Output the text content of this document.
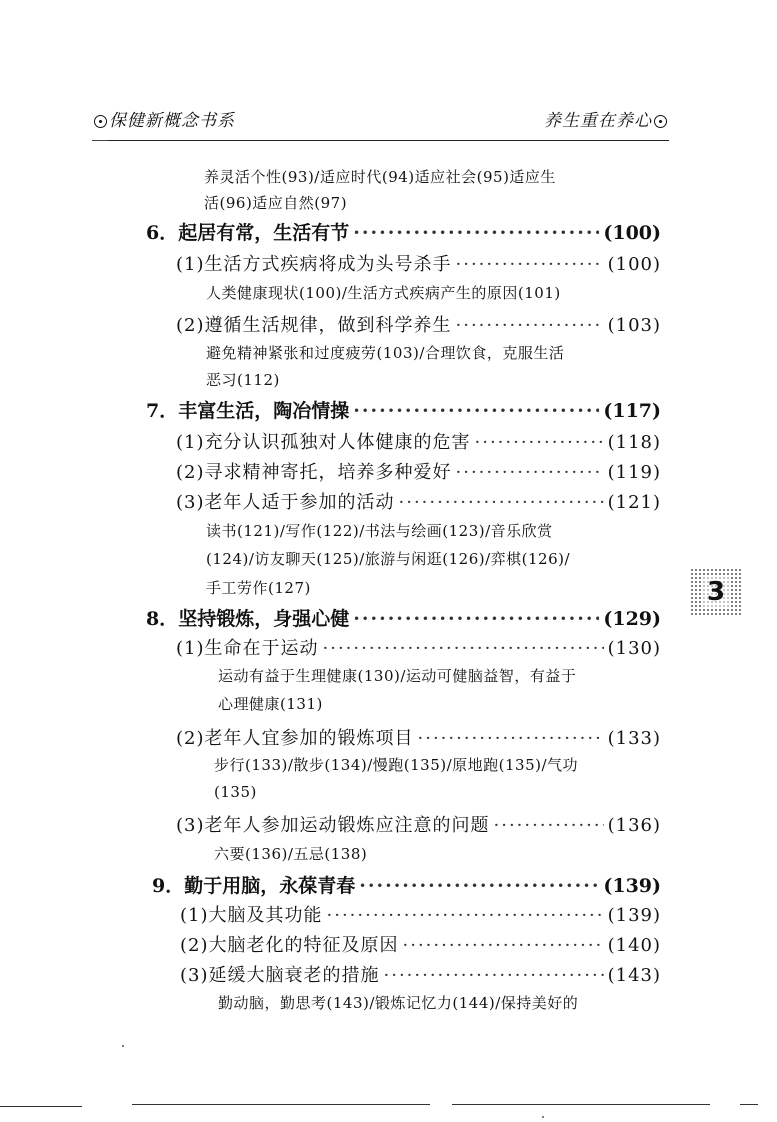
保健新概念书系	养生重在养心
养灵活个性(93)/适应时代(94)适应社会(95)适应生
活(96)适应自然(97)
6．起居有常，生活有节 ·····	(100)
(1)生活方式疾病将成为头号杀手 ·····	(100)
人类健康现状(100)/生活方式疾病产生的原因(101)
(2)遵循生活规律，做到科学养生 ·····	(103)
避免精神紧张和过度疲劳(103)/合理饮食，克服生活
恶习(112)
7．丰富生活，陶冶情操 ·····	(117)
(1)充分认识孤独对人体健康的危害 ·····	(118)
(2)寻求精神寄托，培养多种爱好 ·····	(119)
(3)老年人适于参加的活动 ·····	(121)
读书(121)/写作(122)/书法与绘画(123)/音乐欣赏
(124)/访友聊天(125)/旅游与闲逛(126)/弈棋(126)/
手工劳作(127)
8．坚持锻炼，身强心健 ·····	(129)
(1)生命在于运动 ·····	(130)
运动有益于生理健康(130)/运动可健脑益智，有益于
心理健康(131)
(2)老年人宜参加的锻炼项目 ·····	(133)
步行(133)/散步(134)/慢跑(135)/原地跑(135)/气功
(135)
(3)老年人参加运动锻炼应注意的问题 ·····	(136)
六要(136)/五忌(138)
9．勤于用脑，永葆青春 ·····	(139)
(1)大脑及其功能 ·····	(139)
(2)大脑老化的特征及原因 ·····	(140)
(3)延缓大脑衰老的措施 ·····	(143)
勤动脑，勤思考(143)/锻炼记忆力(144)/保持美好的
3
